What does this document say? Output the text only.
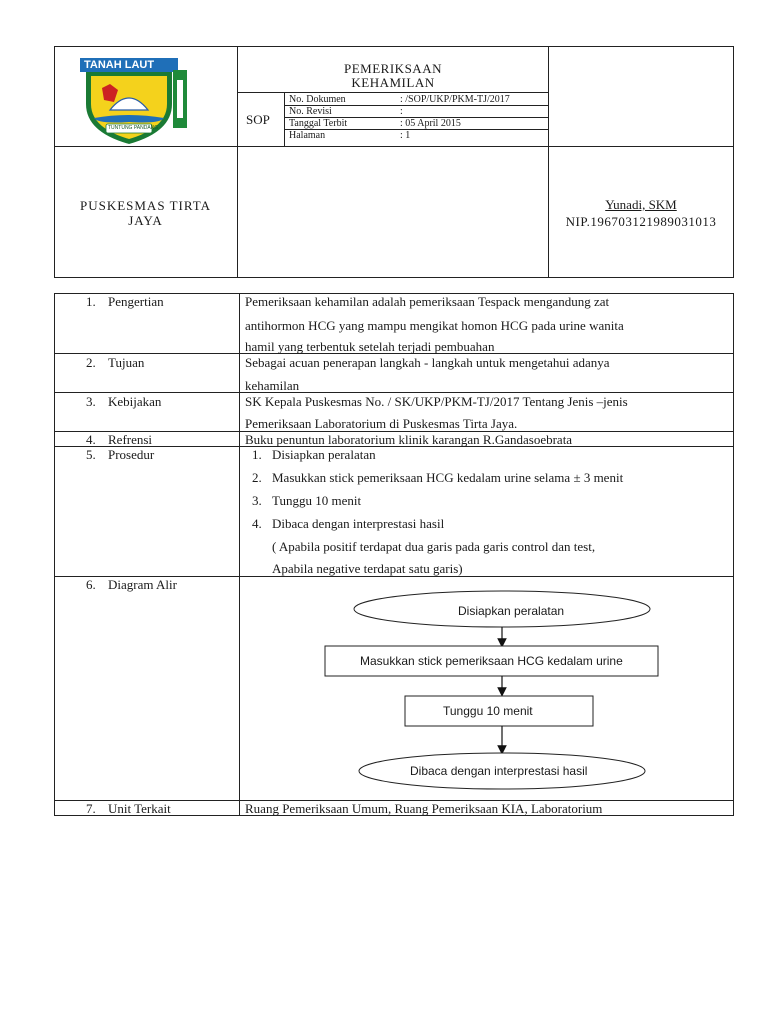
TANAH LAUT
TUNTUNG PANDANG
PEMERIKSAAN
KEHAMILAN
SOP
No. Dokumen	: /SOP/UKP/PKM-TJ/2017
No. Revisi	:
Tanggal Terbit	: 05 April 2015
Halaman	: 1
PUSKESMAS TIRTA
JAYA
Yunadi, SKM
NIP.196703121989031013
1. Pengertian	Pemeriksaan kehamilan adalah pemeriksaan Tespack mengandung zat
antihormon HCG yang mampu mengikat homon HCG pada urine wanita
hamil yang terbentuk setelah terjadi pembuahan
2. Tujuan	Sebagai acuan penerapan langkah - langkah untuk mengetahui adanya
kehamilan
3. Kebijakan	SK Kepala Puskesmas No. / SK/UKP/PKM-TJ/2017 Tentang Jenis –jenis
Pemeriksaan Laboratorium di Puskesmas Tirta Jaya.
4. Refrensi	Buku penuntun laboratorium klinik karangan R.Gandasoebrata
5. Prosedur	1. Disiapkan peralatan
2. Masukkan stick pemeriksaan HCG kedalam urine selama ± 3 menit
3. Tunggu 10 menit
4. Dibaca dengan interprestasi hasil
( Apabila positif terdapat dua garis pada garis control dan test,
Apabila negative terdapat satu garis)
6. Diagram Alir
Disiapkan peralatan
Masukkan stick pemeriksaan HCG kedalam urine
Tunggu 10 menit
Dibaca dengan interprestasi hasil
7. Unit Terkait	Ruang Pemeriksaan Umum, Ruang Pemeriksaan KIA, Laboratorium
